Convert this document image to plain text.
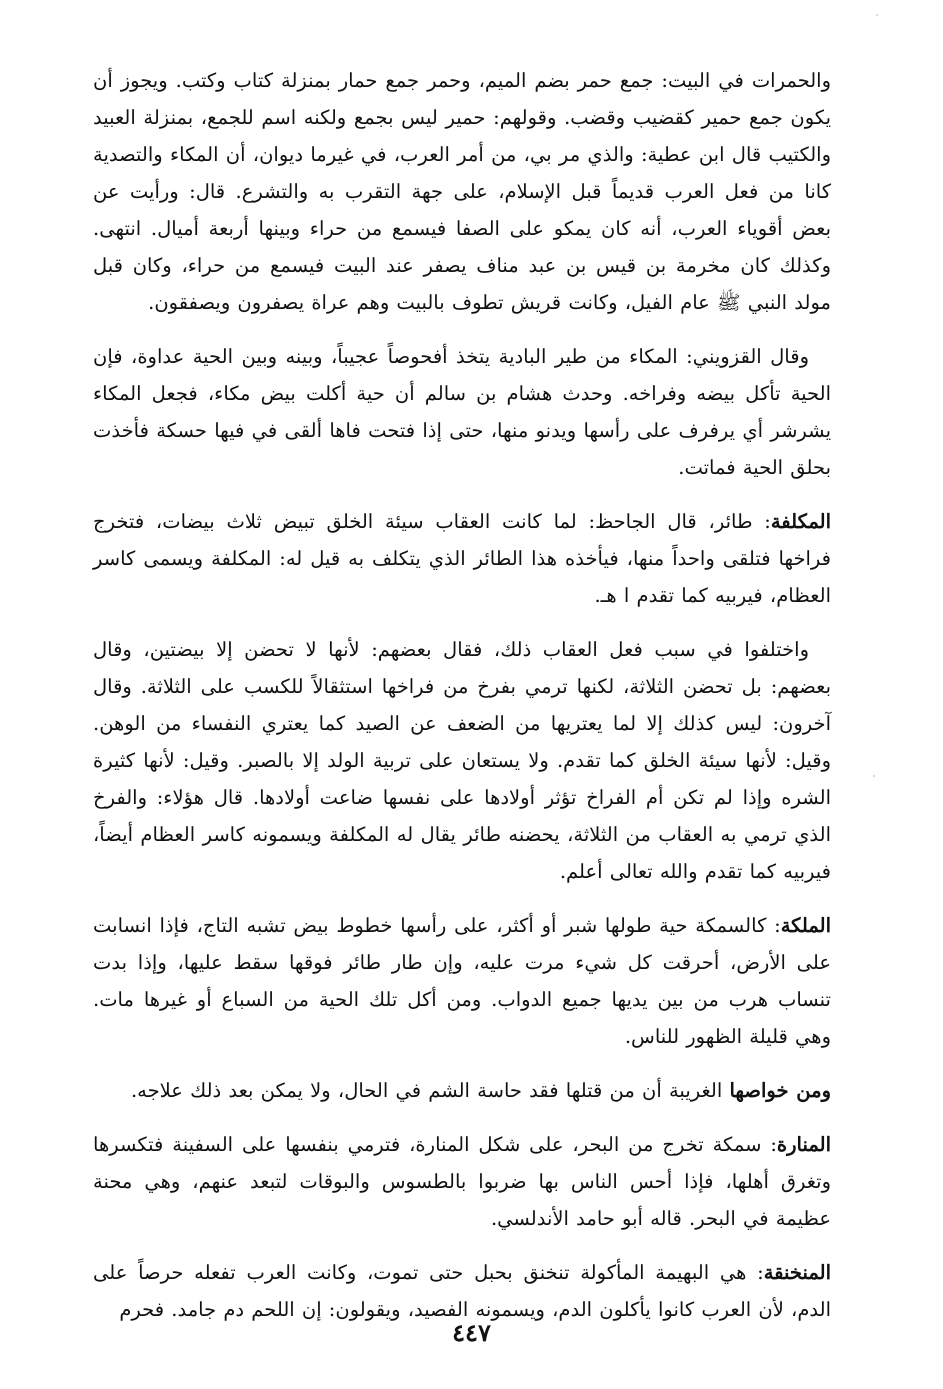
والحمرات في البيت: جمع حمر بضم الميم، وحمر جمع حمار بمنزلة كتاب وكتب. ويجوز أن يكون جمع حمير كقضيب وقضب. وقولهم: حمير ليس بجمع ولكنه اسم للجمع، بمنزلة العبيد والكتيب قال ابن عطية: والذي مر بي، من أمر العرب، في غيرما ديوان، أن المكاء والتصدية كانا من فعل العرب قديماً قبل الإسلام، على جهة التقرب به والتشرع. قال: ورأيت عن بعض أقوياء العرب، أنه كان يمكو على الصفا فيسمع من حراء وبينها أربعة أميال. انتهى. وكذلك كان مخرمة بن قيس بن عبد مناف يصفر عند البيت فيسمع من حراء، وكان قبل مولد النبي ﷺ عام الفيل، وكانت قريش تطوف بالبيت وهم عراة يصفرون ويصفقون.

وقال القزويني: المكاء من طير البادية يتخذ أفحوصاً عجيباً، وبينه وبين الحية عداوة، فإن الحية تأكل بيضه وفراخه. وحدث هشام بن سالم أن حية أكلت بيض مكاء، فجعل المكاء يشرشر أي يرفرف على رأسها ويدنو منها، حتى إذا فتحت فاها ألقى في فيها حسكة فأخذت بحلق الحية فماتت.

المكلفة: طائر، قال الجاحظ: لما كانت العقاب سيئة الخلق تبيض ثلاث بيضات، فتخرج فراخها فتلقى واحداً منها، فيأخذه هذا الطائر الذي يتكلف به قيل له: المكلفة ويسمى كاسر العظام، فيربيه كما تقدم ا هـ.

واختلفوا في سبب فعل العقاب ذلك، فقال بعضهم: لأنها لا تحضن إلا بيضتين، وقال بعضهم: بل تحضن الثلاثة، لكنها ترمي بفرخ من فراخها استثقالاً للكسب على الثلاثة. وقال آخرون: ليس كذلك إلا لما يعتريها من الضعف عن الصيد كما يعتري النفساء من الوهن. وقيل: لأنها سيئة الخلق كما تقدم. ولا يستعان على تربية الولد إلا بالصبر. وقيل: لأنها كثيرة الشره وإذا لم تكن أم الفراخ تؤثر أولادها على نفسها ضاعت أولادها. قال هؤلاء: والفرخ الذي ترمي به العقاب من الثلاثة، يحضنه طائر يقال له المكلفة ويسمونه كاسر العظام أيضاً، فيربيه كما تقدم والله تعالى أعلم.

الملكة: كالسمكة حية طولها شبر أو أكثر، على رأسها خطوط بيض تشبه التاج، فإذا انسابت على الأرض، أحرقت كل شيء مرت عليه، وإن طار طائر فوقها سقط عليها، وإذا بدت تنساب هرب من بين يديها جميع الدواب. ومن أكل تلك الحية من السباع أو غيرها مات. وهي قليلة الظهور للناس.

ومن خواصها الغريبة أن من قتلها فقد حاسة الشم في الحال، ولا يمكن بعد ذلك علاجه.

المنارة: سمكة تخرج من البحر، على شكل المنارة، فترمي بنفسها على السفينة فتكسرها وتغرق أهلها، فإذا أحس الناس بها ضربوا بالطسوس والبوقات لتبعد عنهم، وهي محنة عظيمة في البحر. قاله أبو حامد الأندلسي.

المنخنقة: هي البهيمة المأكولة تنخنق بحبل حتى تموت، وكانت العرب تفعله حرصاً على الدم، لأن العرب كانوا يأكلون الدم، ويسمونه الفصيد، ويقولون: إن اللحم دم جامد. فحرم

٤٤٧
